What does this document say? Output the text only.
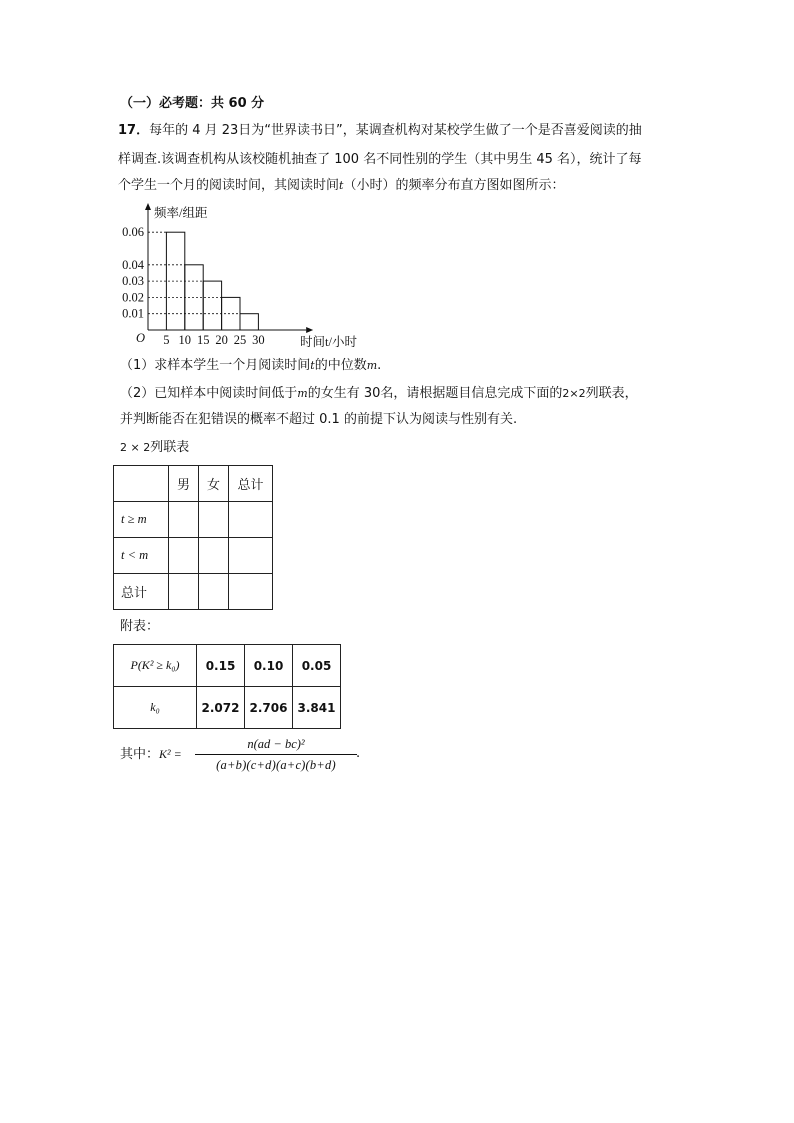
（一）必考题：共 60 分
17．每年的 4 月 23日为“世界读书日”，某调查机构对某校学生做了一个是否喜爱阅读的抽
样调查.该调查机构从该校随机抽查了 100 名不同性别的学生（其中男生 45 名），统计了每
个学生一个月的阅读时间，其阅读时间t（小时）的频率分布直方图如图所示：
0.01
0.02
0.03
0.04
0.06
5 10 15 20 25 30
频率/组距
时间t/小时
O
（1）求样本学生一个月阅读时间t的中位数m.
（2）已知样本中阅读时间低于m的女生有 30名，请根据题目信息完成下面的2×2列联表，
并判断能否在犯错误的概率不超过 0.1 的前提下认为阅读与性别有关.
2 × 2列联表
	男	女	总计
t ≥ m			
t < m			
总计			
附表：
P(K² ≥ k₀)	0.15	0.10	0.05
k₀	2.072	2.706	3.841
其中：K² =
n(ad − bc)²
(a+b)(c+d)(a+c)(b+d)
.
